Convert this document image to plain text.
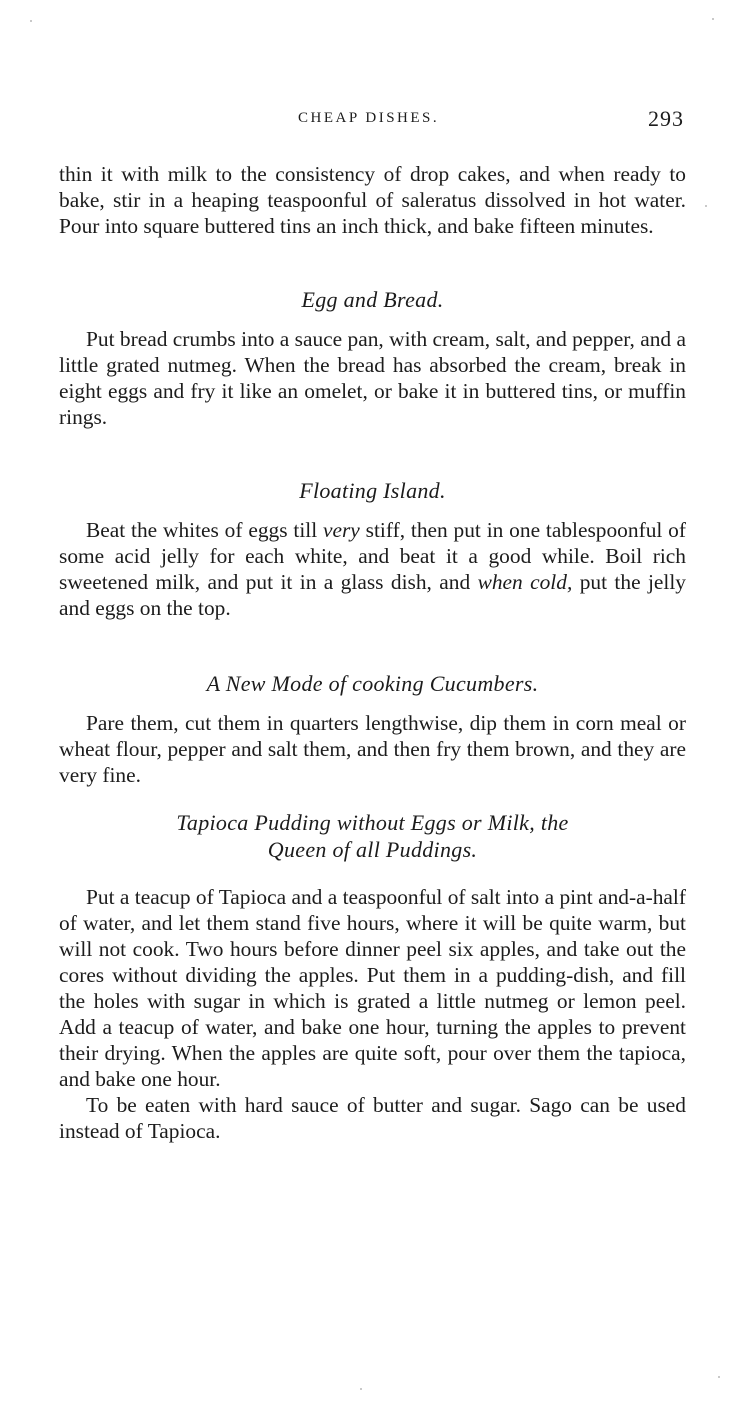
CHEAP DISHES.	293

thin it with milk to the consistency of drop cakes, and when ready to bake, stir in a heaping teaspoonful of saleratus dissolved in hot water. Pour into square buttered tins an inch thick, and bake fifteen minutes.

Egg and Bread.

Put bread crumbs into a sauce pan, with cream, salt, and pepper, and a little grated nutmeg. When the bread has absorbed the cream, break in eight eggs and fry it like an omelet, or bake it in buttered tins, or muffin rings.

Floating Island.

Beat the whites of eggs till very stiff, then put in one tablespoonful of some acid jelly for each white, and beat it a good while. Boil rich sweetened milk, and put it in a glass dish, and when cold, put the jelly and eggs on the top.

A New Mode of cooking Cucumbers.

Pare them, cut them in quarters lengthwise, dip them in corn meal or wheat flour, pepper and salt them, and then fry them brown, and they are very fine.

Tapioca Pudding without Eggs or Milk, the
Queen of all Puddings.

Put a teacup of Tapioca and a teaspoonful of salt into a pint and-a-half of water, and let them stand five hours, where it will be quite warm, but will not cook. Two hours before dinner peel six apples, and take out the cores without dividing the apples. Put them in a pudding-dish, and fill the holes with sugar in which is grated a little nutmeg or lemon peel. Add a teacup of water, and bake one hour, turning the apples to prevent their drying. When the apples are quite soft, pour over them the tapioca, and bake one hour.

To be eaten with hard sauce of butter and sugar. Sago can be used instead of Tapioca.
